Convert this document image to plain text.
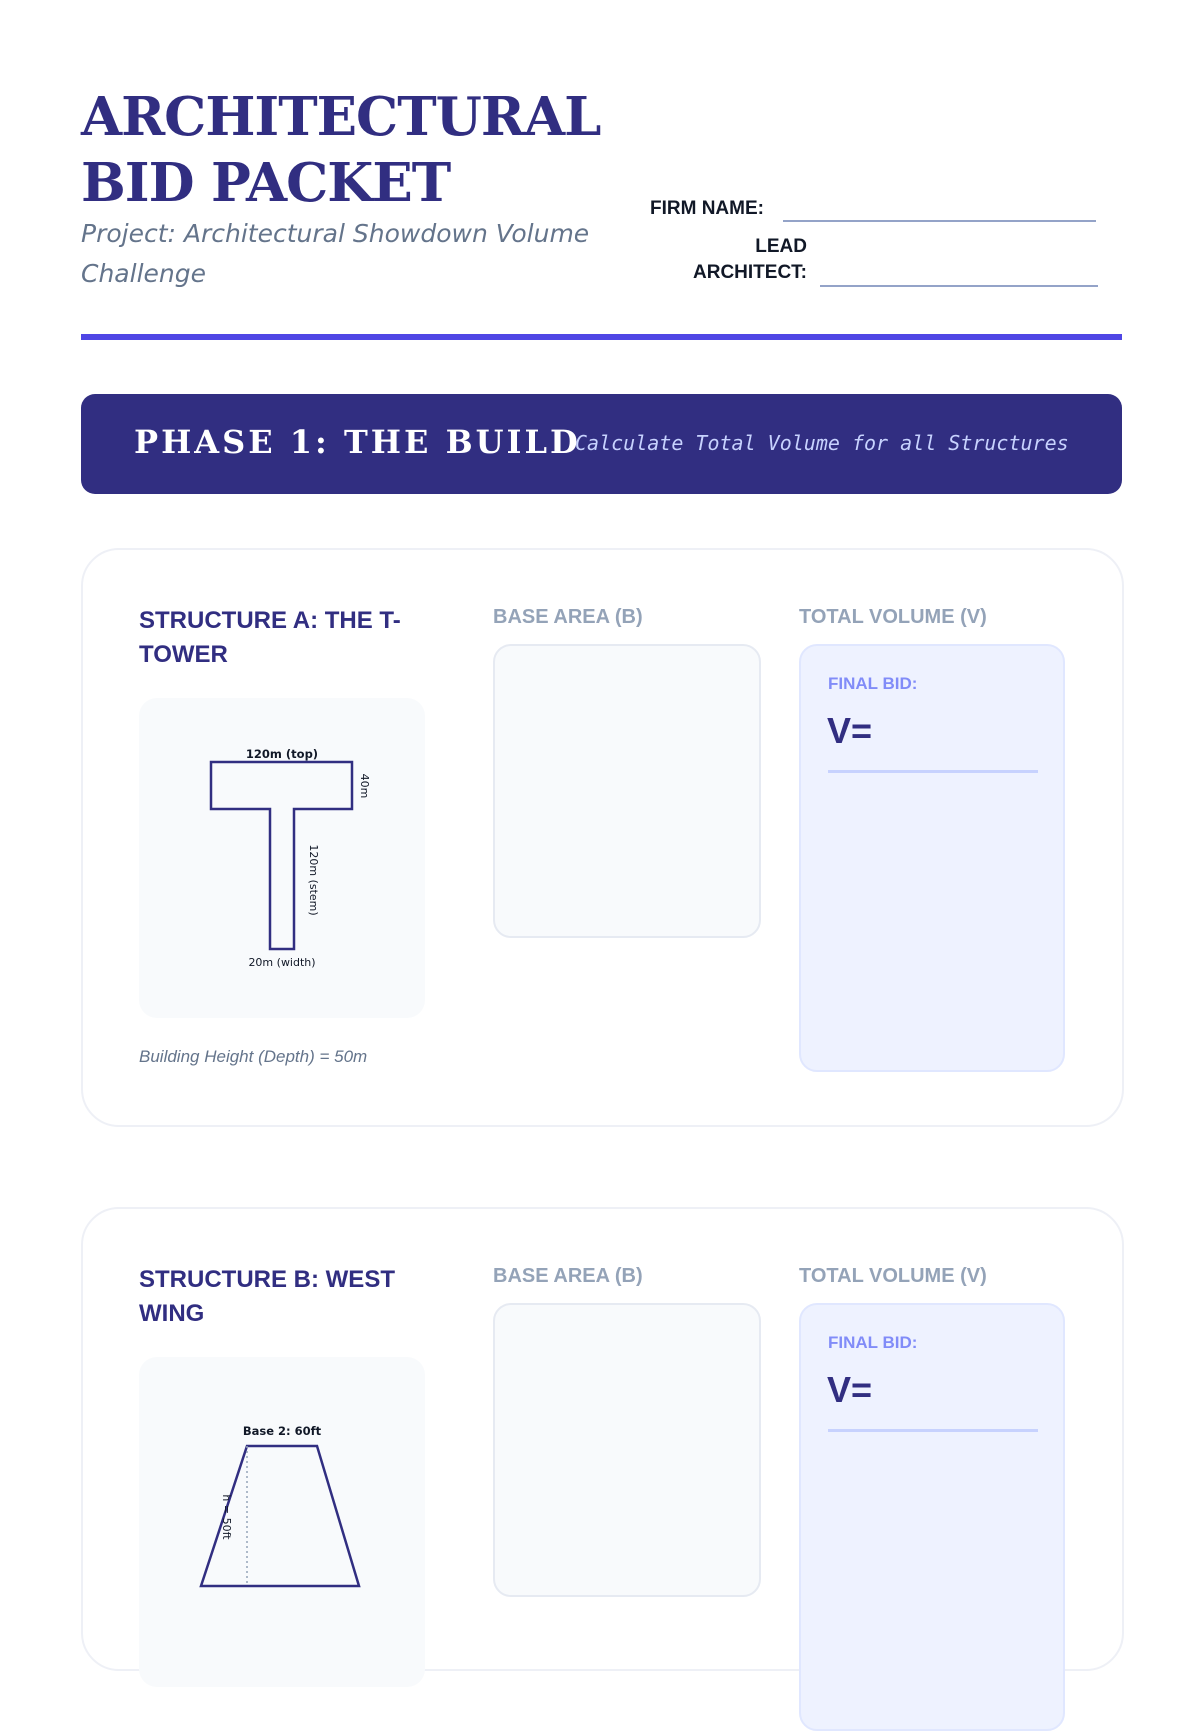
ARCHITECTURAL
BID PACKET
Project: Architectural Showdown Volume Challenge
FIRM NAME:
LEAD
ARCHITECT:
PHASE 1: THE BUILD
Calculate Total Volume for all Structures
STRUCTURE A: THE T-TOWER
120m (top)
40m
120m (stem)
20m (width)
Building Height (Depth) = 50m
BASE AREA (B)	TOTAL VOLUME (V)
FINAL BID:
V=
STRUCTURE B: WEST WING
Base 2: 60ft
h = 50ft
BASE AREA (B)	TOTAL VOLUME (V)
FINAL BID:
V=
